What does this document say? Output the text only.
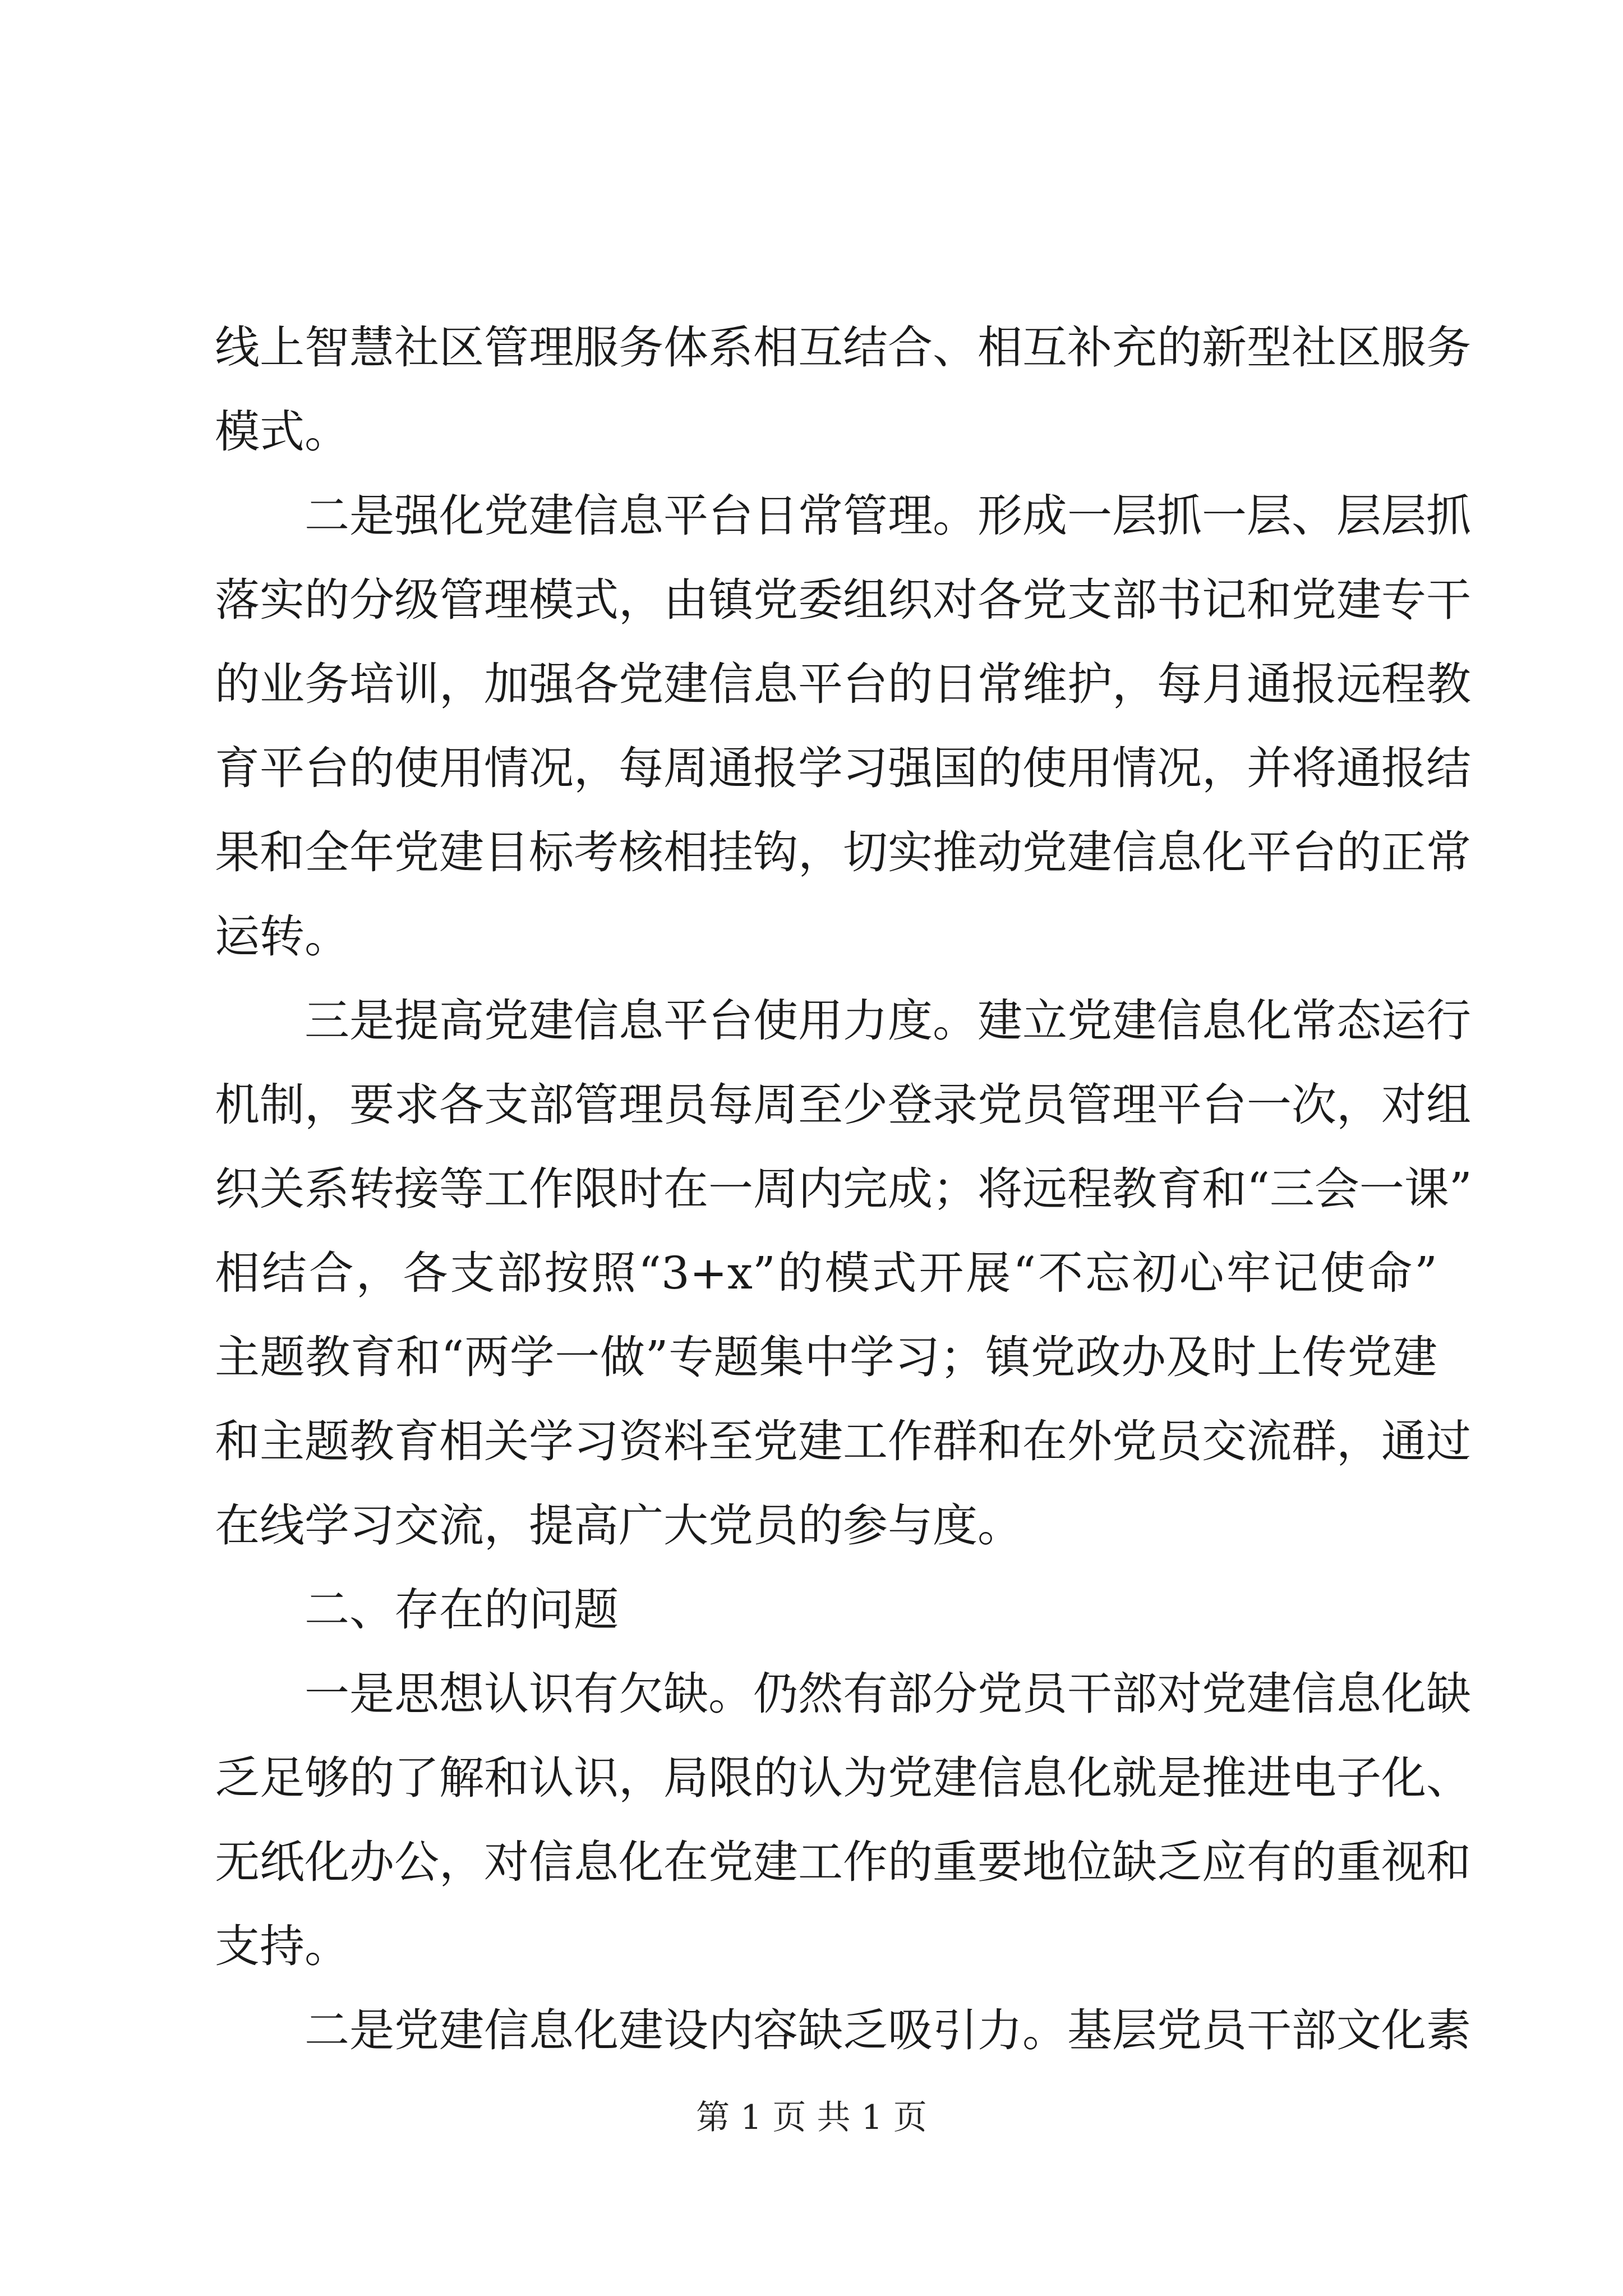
线上智慧社区管理服务体系相互结合、相互补充的新型社区服务
模式。
二是强化党建信息平台日常管理。形成一层抓一层、层层抓
落实的分级管理模式，由镇党委组织对各党支部书记和党建专干
的业务培训，加强各党建信息平台的日常维护，每月通报远程教
育平台的使用情况，每周通报学习强国的使用情况，并将通报结
果和全年党建目标考核相挂钩，切实推动党建信息化平台的正常
运转。
三是提高党建信息平台使用力度。建立党建信息化常态运行
机制，要求各支部管理员每周至少登录党员管理平台一次，对组
织关系转接等工作限时在一周内完成；将远程教育和“三会一课”
相结合，各支部按照“3+x”的模式开展“不忘初心牢记使命”
主题教育和“两学一做”专题集中学习；镇党政办及时上传党建
和主题教育相关学习资料至党建工作群和在外党员交流群，通过
在线学习交流，提高广大党员的参与度。
二、存在的问题
一是思想认识有欠缺。仍然有部分党员干部对党建信息化缺
乏足够的了解和认识，局限的认为党建信息化就是推进电子化、
无纸化办公，对信息化在党建工作的重要地位缺乏应有的重视和
支持。
二是党建信息化建设内容缺乏吸引力。基层党员干部文化素
第 1 页 共 1 页
